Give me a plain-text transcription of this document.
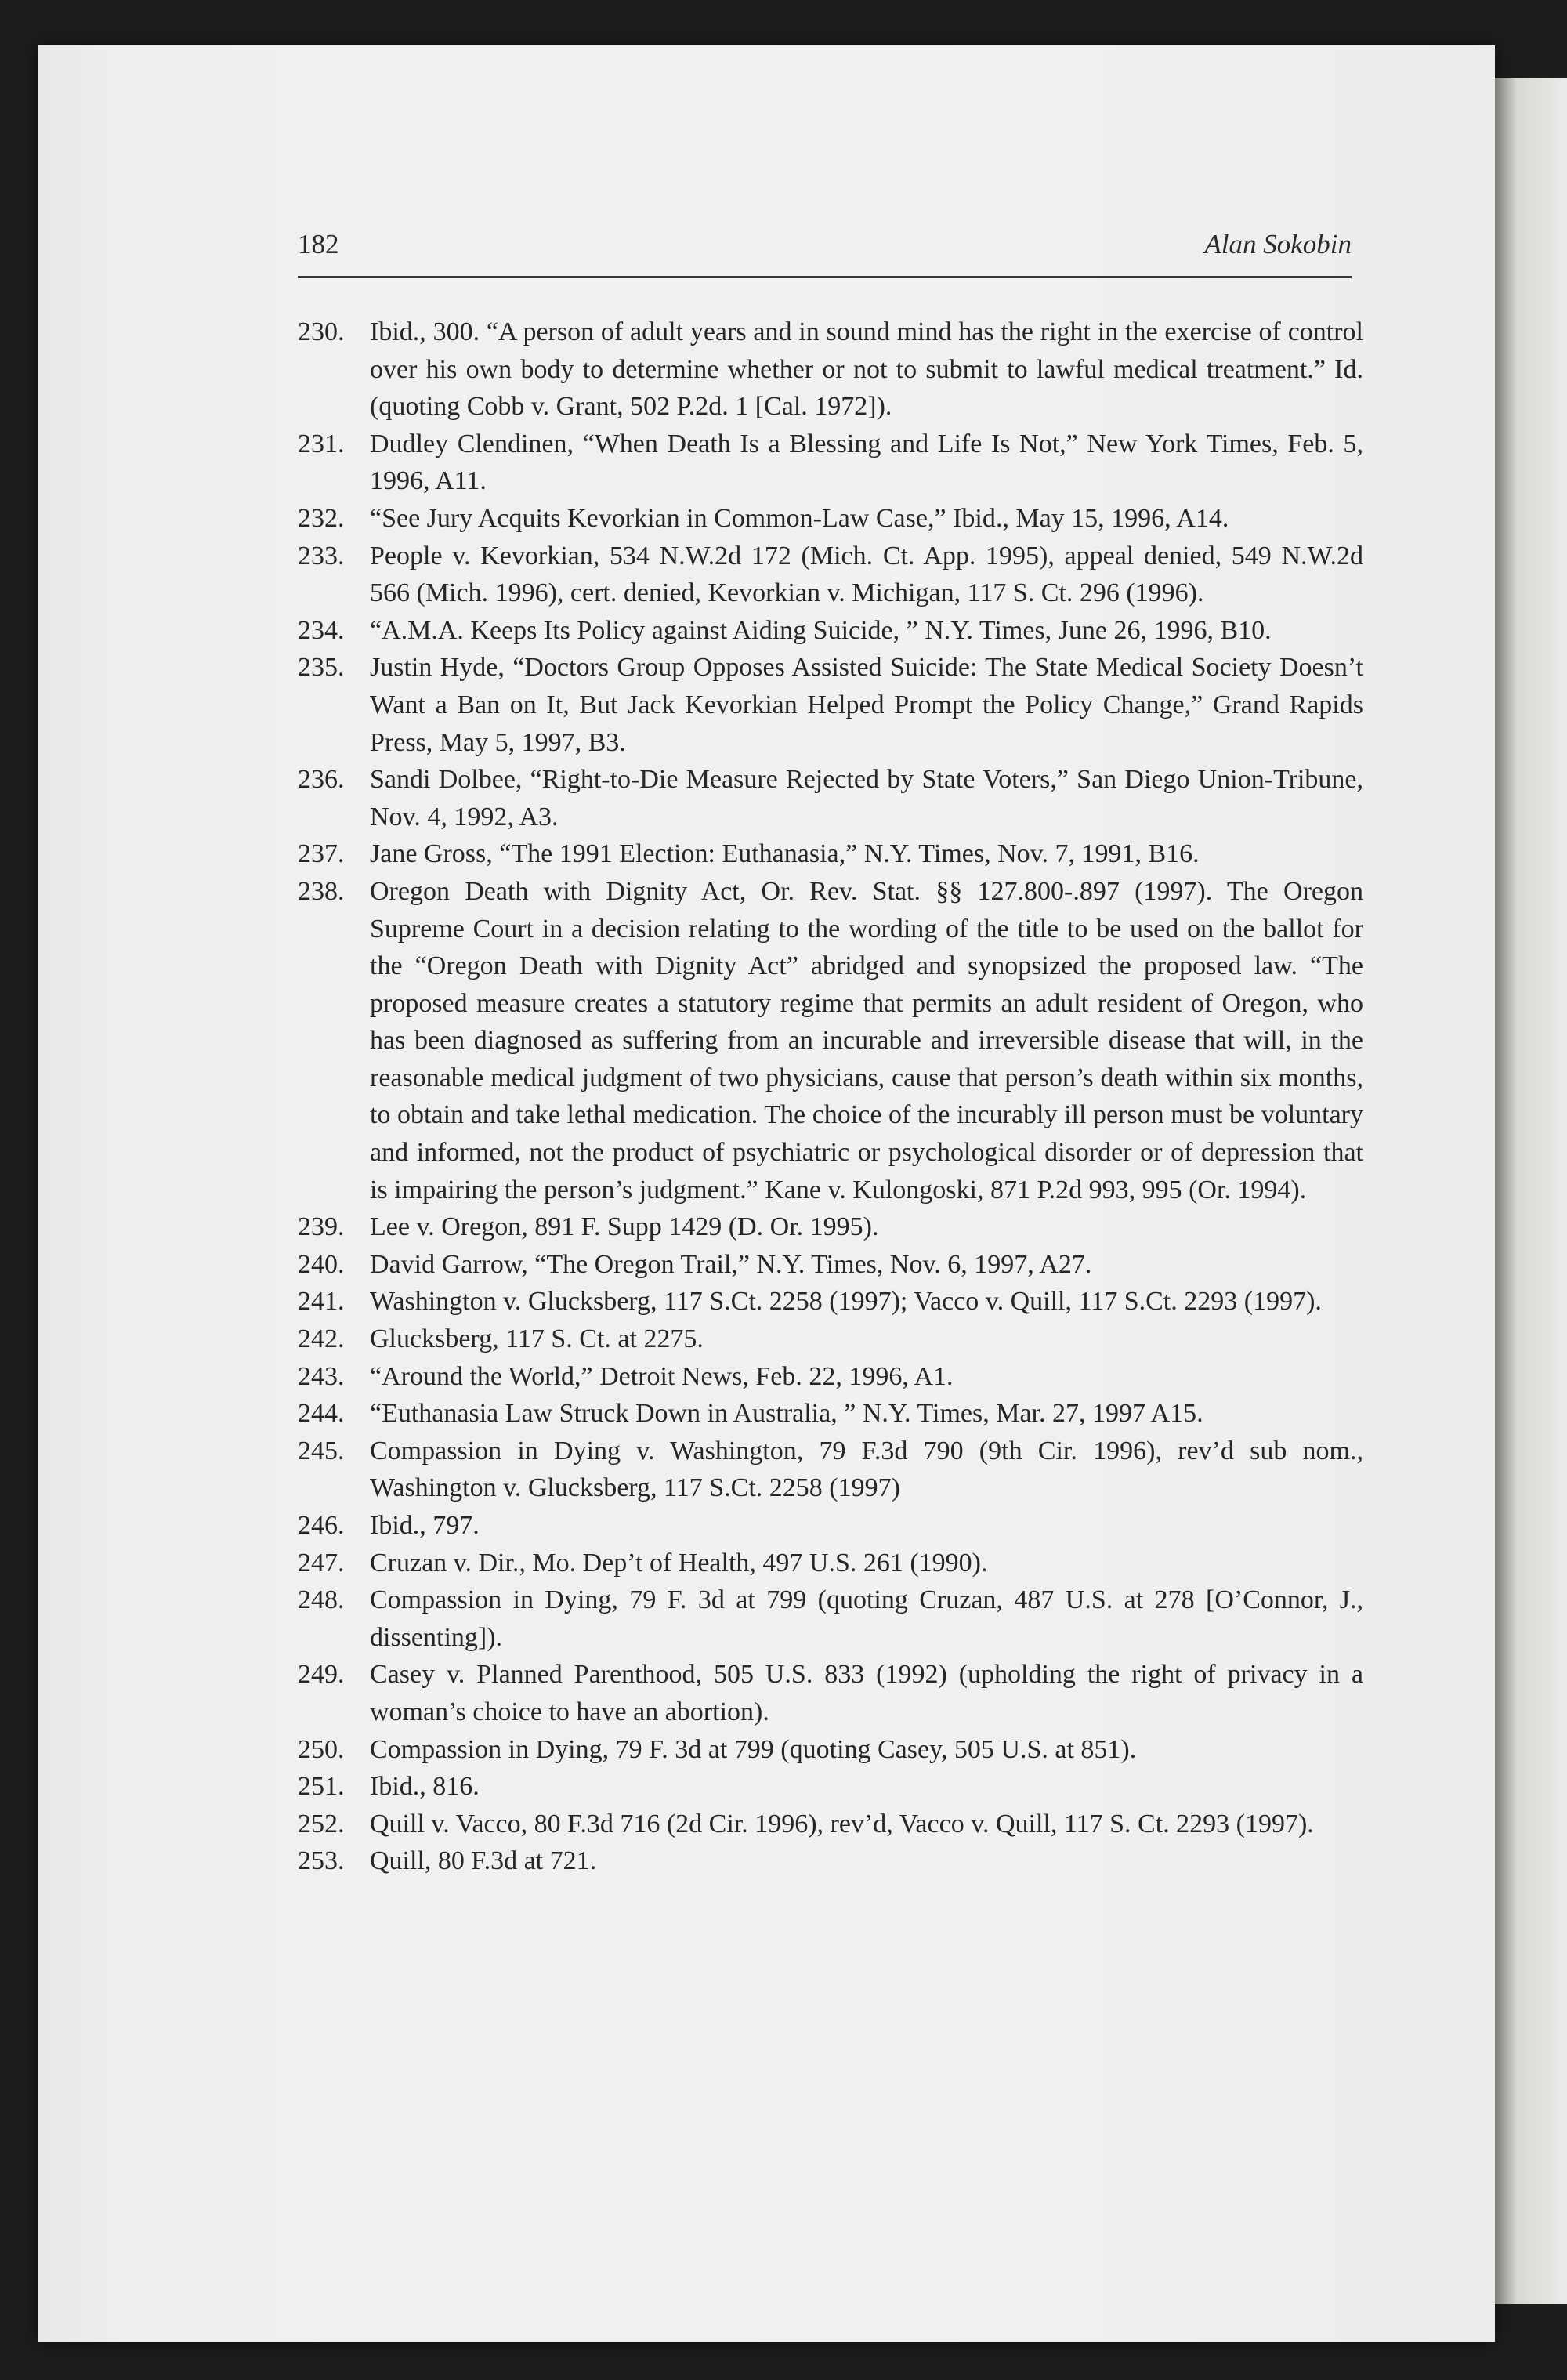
182	Alan Sokobin
230. Ibid., 300. “A person of adult years and in sound mind has the right in the exercise of control over his own body to determine whether or not to submit to lawful medical treatment.” Id. (quoting Cobb v. Grant, 502 P.2d. 1 [Cal. 1972]).
231. Dudley Clendinen, “When Death Is a Blessing and Life Is Not,” New York Times, Feb. 5, 1996, A11.
232. “See Jury Acquits Kevorkian in Common-Law Case,” Ibid., May 15, 1996, A14.
233. People v. Kevorkian, 534 N.W.2d 172 (Mich. Ct. App. 1995), appeal denied, 549 N.W.2d 566 (Mich. 1996), cert. denied, Kevorkian v. Michigan, 117 S. Ct. 296 (1996).
234. “A.M.A. Keeps Its Policy against Aiding Suicide, ” N.Y. Times, June 26, 1996, B10.
235. Justin Hyde, “Doctors Group Opposes Assisted Suicide: The State Medical Society Doesn’t Want a Ban on It, But Jack Kevorkian Helped Prompt the Policy Change,” Grand Rapids Press, May 5, 1997, B3.
236. Sandi Dolbee, “Right-to-Die Measure Rejected by State Voters,” San Diego Union-Tribune, Nov. 4, 1992, A3.
237. Jane Gross, “The 1991 Election: Euthanasia,” N.Y. Times, Nov. 7, 1991, B16.
238. Oregon Death with Dignity Act, Or. Rev. Stat. §§ 127.800-.897 (1997). The Oregon Supreme Court in a decision relating to the wording of the title to be used on the ballot for the “Oregon Death with Dignity Act” abridged and synopsized the proposed law. “The proposed measure creates a statutory regime that permits an adult resident of Oregon, who has been diagnosed as suffering from an incurable and irreversible disease that will, in the reasonable medical judgment of two physicians, cause that person’s death within six months, to obtain and take lethal medication. The choice of the incurably ill person must be voluntary and informed, not the product of psychiatric or psychological disorder or of depression that is impairing the person’s judgment.” Kane v. Kulongoski, 871 P.2d 993, 995 (Or. 1994).
239. Lee v. Oregon, 891 F. Supp 1429 (D. Or. 1995).
240. David Garrow, “The Oregon Trail,” N.Y. Times, Nov. 6, 1997, A27.
241. Washington v. Glucksberg, 117 S.Ct. 2258 (1997); Vacco v. Quill, 117 S.Ct. 2293 (1997).
242. Glucksberg, 117 S. Ct. at 2275.
243. “Around the World,” Detroit News, Feb. 22, 1996, A1.
244. “Euthanasia Law Struck Down in Australia, ” N.Y. Times, Mar. 27, 1997 A15.
245. Compassion in Dying v. Washington, 79 F.3d 790 (9th Cir. 1996), rev’d sub nom., Washington v. Glucksberg, 117 S.Ct. 2258 (1997)
246. Ibid., 797.
247. Cruzan v. Dir., Mo. Dep’t of Health, 497 U.S. 261 (1990).
248. Compassion in Dying, 79 F. 3d at 799 (quoting Cruzan, 487 U.S. at 278 [O’Connor, J., dissenting]).
249. Casey v. Planned Parenthood, 505 U.S. 833 (1992) (upholding the right of privacy in a woman’s choice to have an abortion).
250. Compassion in Dying, 79 F. 3d at 799 (quoting Casey, 505 U.S. at 851).
251. Ibid., 816.
252. Quill v. Vacco, 80 F.3d 716 (2d Cir. 1996), rev’d, Vacco v. Quill, 117 S. Ct. 2293 (1997).
253. Quill, 80 F.3d at 721.
